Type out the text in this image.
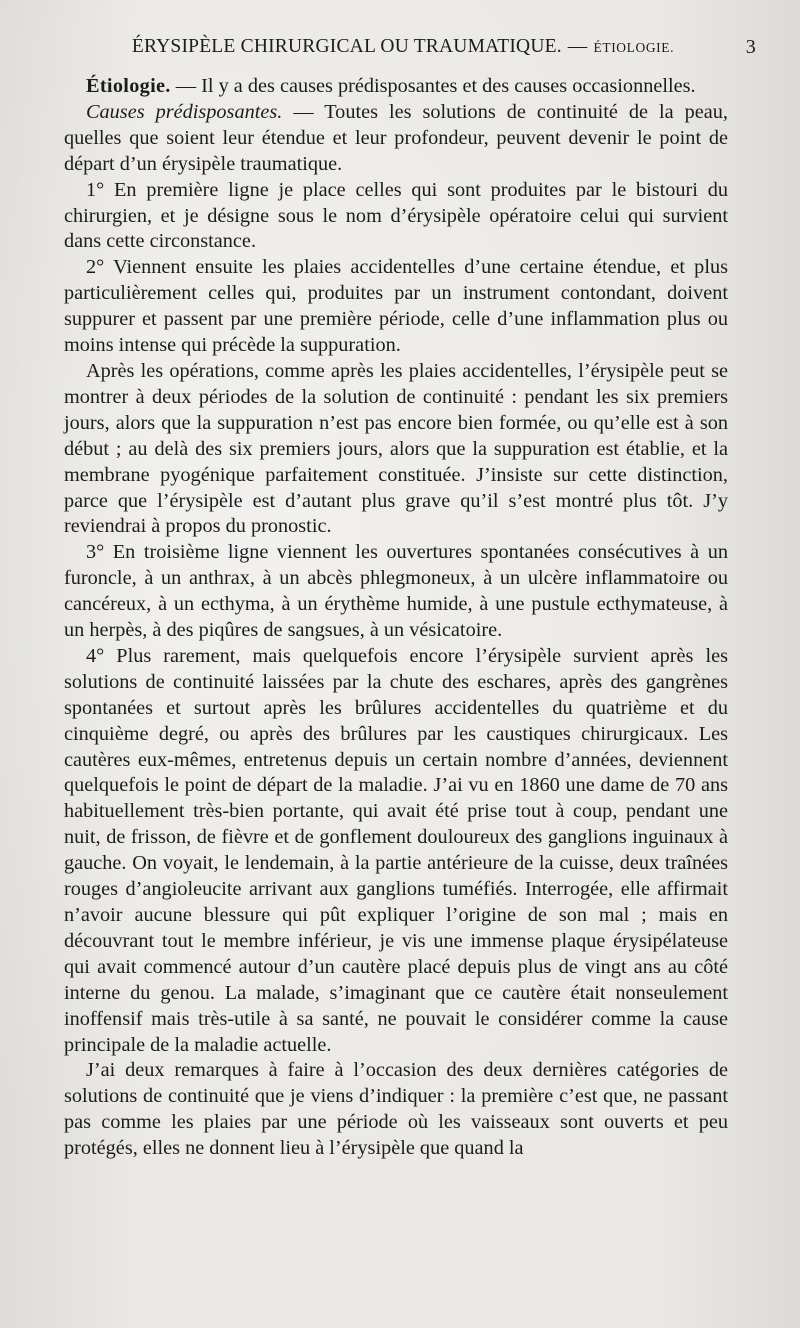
ÉRYSIPÈLE CHIRURGICAL OU TRAUMATIQUE. — ÉTIOLOGIE.	3

Étiologie. — Il y a des causes prédisposantes et des causes occasionnelles.

Causes prédisposantes. — Toutes les solutions de continuité de la peau, quelles que soient leur étendue et leur profondeur, peuvent devenir le point de départ d’un érysipèle traumatique.

1° En première ligne je place celles qui sont produites par le bistouri du chirurgien, et je désigne sous le nom d’érysipèle opératoire celui qui survient dans cette circonstance.

2° Viennent ensuite les plaies accidentelles d’une certaine étendue, et plus particulièrement celles qui, produites par un instrument contondant, doivent suppurer et passent par une première période, celle d’une inflammation plus ou moins intense qui précède la suppuration.

Après les opérations, comme après les plaies accidentelles, l’érysipèle peut se montrer à deux périodes de la solution de continuité : pendant les six premiers jours, alors que la suppuration n’est pas encore bien formée, ou qu’elle est à son début ; au delà des six premiers jours, alors que la suppuration est établie, et la membrane pyogénique parfaitement constituée. J’insiste sur cette distinction, parce que l’érysipèle est d’autant plus grave qu’il s’est montré plus tôt. J’y reviendrai à propos du pronostic.

3° En troisième ligne viennent les ouvertures spontanées consécutives à un furoncle, à un anthrax, à un abcès phlegmoneux, à un ulcère inflammatoire ou cancéreux, à un ecthyma, à un érythème humide, à une pustule ecthymateuse, à un herpès, à des piqûres de sangsues, à un vésicatoire.

4° Plus rarement, mais quelquefois encore l’érysipèle survient après les solutions de continuité laissées par la chute des eschares, après des gangrènes spontanées et surtout après les brûlures accidentelles du quatrième et du cinquième degré, ou après des brûlures par les caustiques chirurgicaux. Les cautères eux-mêmes, entretenus depuis un certain nombre d’années, deviennent quelquefois le point de départ de la maladie. J’ai vu en 1860 une dame de 70 ans habituellement très-bien portante, qui avait été prise tout à coup, pendant une nuit, de frisson, de fièvre et de gonflement douloureux des ganglions inguinaux à gauche. On voyait, le lendemain, à la partie antérieure de la cuisse, deux traînées rouges d’angioleucite arrivant aux ganglions tuméfiés. Interrogée, elle affirmait n’avoir aucune blessure qui pût expliquer l’origine de son mal ; mais en découvrant tout le membre inférieur, je vis une immense plaque érysipélateuse qui avait commencé autour d’un cautère placé depuis plus de vingt ans au côté interne du genou. La malade, s’imaginant que ce cautère était nonseulement inoffensif mais très-utile à sa santé, ne pouvait le considérer comme la cause principale de la maladie actuelle.

J’ai deux remarques à faire à l’occasion des deux dernières catégories de solutions de continuité que je viens d’indiquer : la première c’est que, ne passant pas comme les plaies par une période où les vaisseaux sont ouverts et peu protégés, elles ne donnent lieu à l’érysipèle que quand la
